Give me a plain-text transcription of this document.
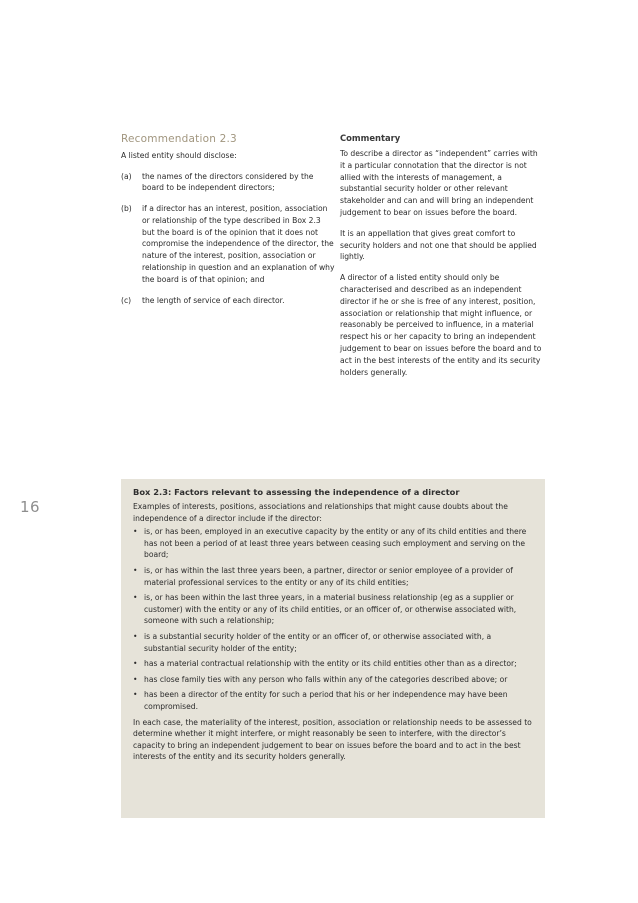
Recommendation 2.3
A listed entity should disclose:
(a)	the names of the directors considered by the board to be independent directors;
(b)	if a director has an interest, position, association or relationship of the type described in Box 2.3 but the board is of the opinion that it does not compromise the independence of the director, the nature of the interest, position, association or relationship in question and an explanation of why the board is of that opinion; and
(c)	the length of service of each director.
Commentary

To describe a director as “independent” carries with it a particular connotation that the director is not allied with the interests of management, a substantial security holder or other relevant stakeholder and can and will bring an independent judgement to bear on issues before the board.

It is an appellation that gives great comfort to security holders and not one that should be applied lightly.

A director of a listed entity should only be characterised and described as an independent director if he or she is free of any interest, position, association or relationship that might influence, or reasonably be perceived to influence, in a material respect his or her capacity to bring an independent judgement to bear on issues before the board and to act in the best interests of the entity and its security holders generally.

16
Box 2.3: Factors relevant to assessing the independence of a director
Examples of interests, positions, associations and relationships that might cause doubts about the independence of a director include if the director:
• is, or has been, employed in an executive capacity by the entity or any of its child entities and there has not been a period of at least three years between ceasing such employment and serving on the board;
• is, or has within the last three years been, a partner, director or senior employee of a provider of material professional services to the entity or any of its child entities;
• is, or has been within the last three years, in a material business relationship (eg as a supplier or customer) with the entity or any of its child entities, or an officer of, or otherwise associated with, someone with such a relationship;
• is a substantial security holder of the entity or an officer of, or otherwise associated with, a substantial security holder of the entity;
• has a material contractual relationship with the entity or its child entities other than as a director;
• has close family ties with any person who falls within any of the categories described above; or
• has been a director of the entity for such a period that his or her independence may have been compromised.
In each case, the materiality of the interest, position, association or relationship needs to be assessed to determine whether it might interfere, or might reasonably be seen to interfere, with the director’s capacity to bring an independent judgement to bear on issues before the board and to act in the best interests of the entity and its security holders generally.
